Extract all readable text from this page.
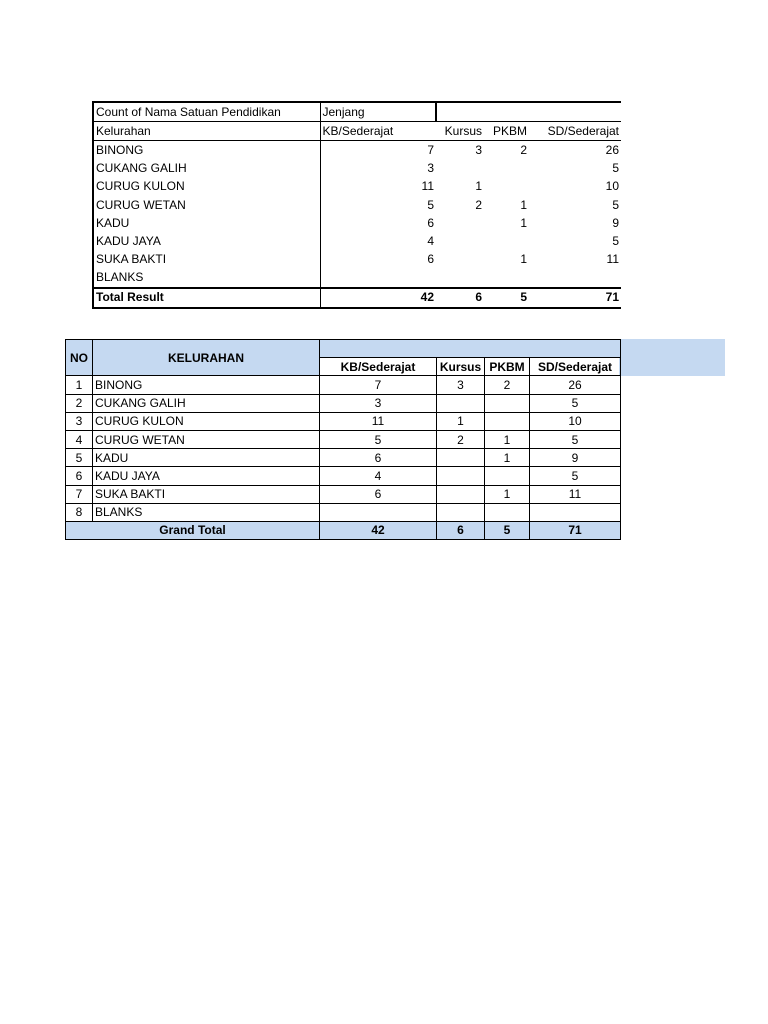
Count of Nama Satuan Pendidikan	Jenjang			
Kelurahan	KB/Sederajat	Kursus	PKBM	SD/Sederajat
BINONG	7	3	2	26
CUKANG GALIH	3			5
CURUG KULON	11	1		10
CURUG WETAN	5	2	1	5
KADU	6		1	9
KADU JAYA	4			5
SUKA BAKTI	6		1	11
BLANKS				
Total Result	42	6	5	71
NO	KELURAHAN				
		KB/Sederajat	Kursus	PKBM	SD/Sederajat
1	BINONG	7	3	2	26
2	CUKANG GALIH	3			5
3	CURUG KULON	11	1		10
4	CURUG WETAN	5	2	1	5
5	KADU	6		1	9
6	KADU JAYA	4			5
7	SUKA BAKTI	6		1	11
8	BLANKS				
Grand Total		42	6	5	71
